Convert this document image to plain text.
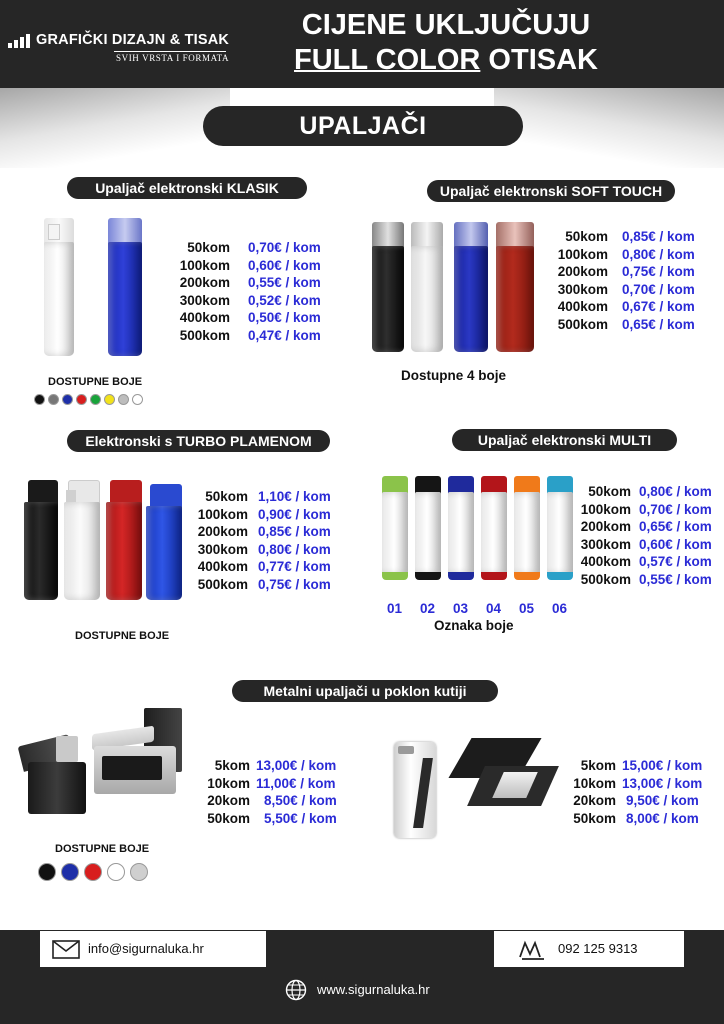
GRAFIČKI DIZAJN & TISAK
SVIH VRSTA I FORMATA
CIJENE UKLJUČUJU
FULL COLOR OTISAK
UPALJAČI
Upaljač elektronski KLASIK
50kom 0,70€ / kom
100kom 0,60€ / kom
200kom 0,55€ / kom
300kom 0,52€ / kom
400kom 0,50€ / kom
500kom 0,47€ / kom
DOSTUPNE BOJE
Upaljač elektronski SOFT TOUCH
50kom 0,85€ / kom
100kom 0,80€ / kom
200kom 0,75€ / kom
300kom 0,70€ / kom
400kom 0,67€ / kom
500kom 0,65€ / kom
Dostupne 4 boje
Elektronski s TURBO PLAMENOM
50kom 1,10€ / kom
100kom 0,90€ / kom
200kom 0,85€ / kom
300kom 0,80€ / kom
400kom 0,77€ / kom
500kom 0,75€ / kom
DOSTUPNE BOJE
Upaljač elektronski MULTI
50kom 0,80€ / kom
100kom 0,70€ / kom
200kom 0,65€ / kom
300kom 0,60€ / kom
400kom 0,57€ / kom
500kom 0,55€ / kom
01	02	03	04	05	06
Oznaka boje
Metalni upaljači u poklon kutiji
5kom 13,00€ / kom
10kom 11,00€ / kom
20kom 8,50€ / kom
50kom 5,50€ / kom
DOSTUPNE BOJE
5kom 15,00€ / kom
10kom 13,00€ / kom
20kom 9,50€ / kom
50kom 8,00€ / kom
info@sigurnaluka.hr	092 125 9313
www.sigurnaluka.hr
